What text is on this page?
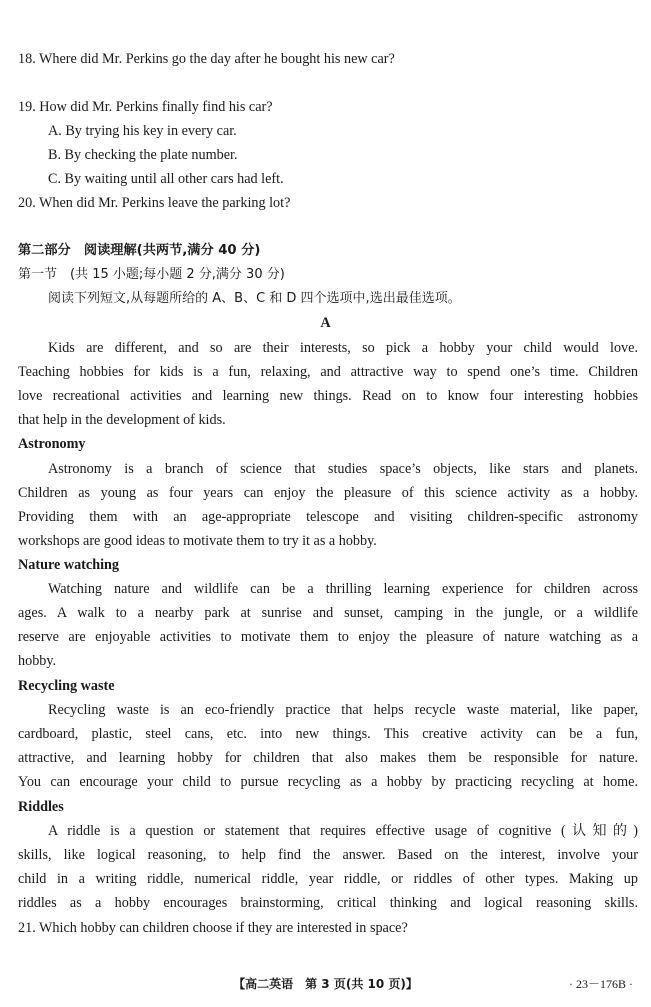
18. Where did Mr. Perkins go the day after he bought his new car?
19. How did Mr. Perkins finally find his car?
A. By trying his key in every car.
B. By checking the plate number.
C. By waiting until all other cars had left.
20. When did Mr. Perkins leave the parking lot?
第二部分　阅读理解(共两节,满分 40 分)
第一节　(共 15 小题;每小题 2 分,满分 30 分)
阅读下列短文,从每题所给的 A、B、C 和 D 四个选项中,选出最佳选项。
A
Kids are different, and so are their interests, so pick a hobby your child would love.
Teaching hobbies for kids is a fun, relaxing, and attractive way to spend one’s time. Children
love recreational activities and learning new things. Read on to know four interesting hobbies
that help in the development of kids.
Astronomy
Astronomy is a branch of science that studies space’s objects, like stars and planets.
Children as young as four years can enjoy the pleasure of this science activity as a hobby.
Providing them with an age-appropriate telescope and visiting children-specific astronomy
workshops are good ideas to motivate them to try it as a hobby.
Nature watching
Watching nature and wildlife can be a thrilling learning experience for children across
ages. A walk to a nearby park at sunrise and sunset, camping in the jungle, or a wildlife
reserve are enjoyable activities to motivate them to enjoy the pleasure of nature watching as a
hobby.
Recycling waste
Recycling waste is an eco-friendly practice that helps recycle waste material, like paper,
cardboard, plastic, steel cans, etc. into new things. This creative activity can be a fun,
attractive, and learning hobby for children that also makes them be responsible for nature.
You can encourage your child to pursue recycling as a hobby by practicing recycling at home.
Riddles
A riddle is a question or statement that requires effective usage of cognitive (认知的)
skills, like logical reasoning, to help find the answer. Based on the interest, involve your
child in a writing riddle, numerical riddle, year riddle, or riddles of other types. Making up
riddles as a hobby encourages brainstorming, critical thinking and logical reasoning skills.
21. Which hobby can children choose if they are interested in space?
【高二英语　第 3 页(共 10 页)】	· 23－176B ·
